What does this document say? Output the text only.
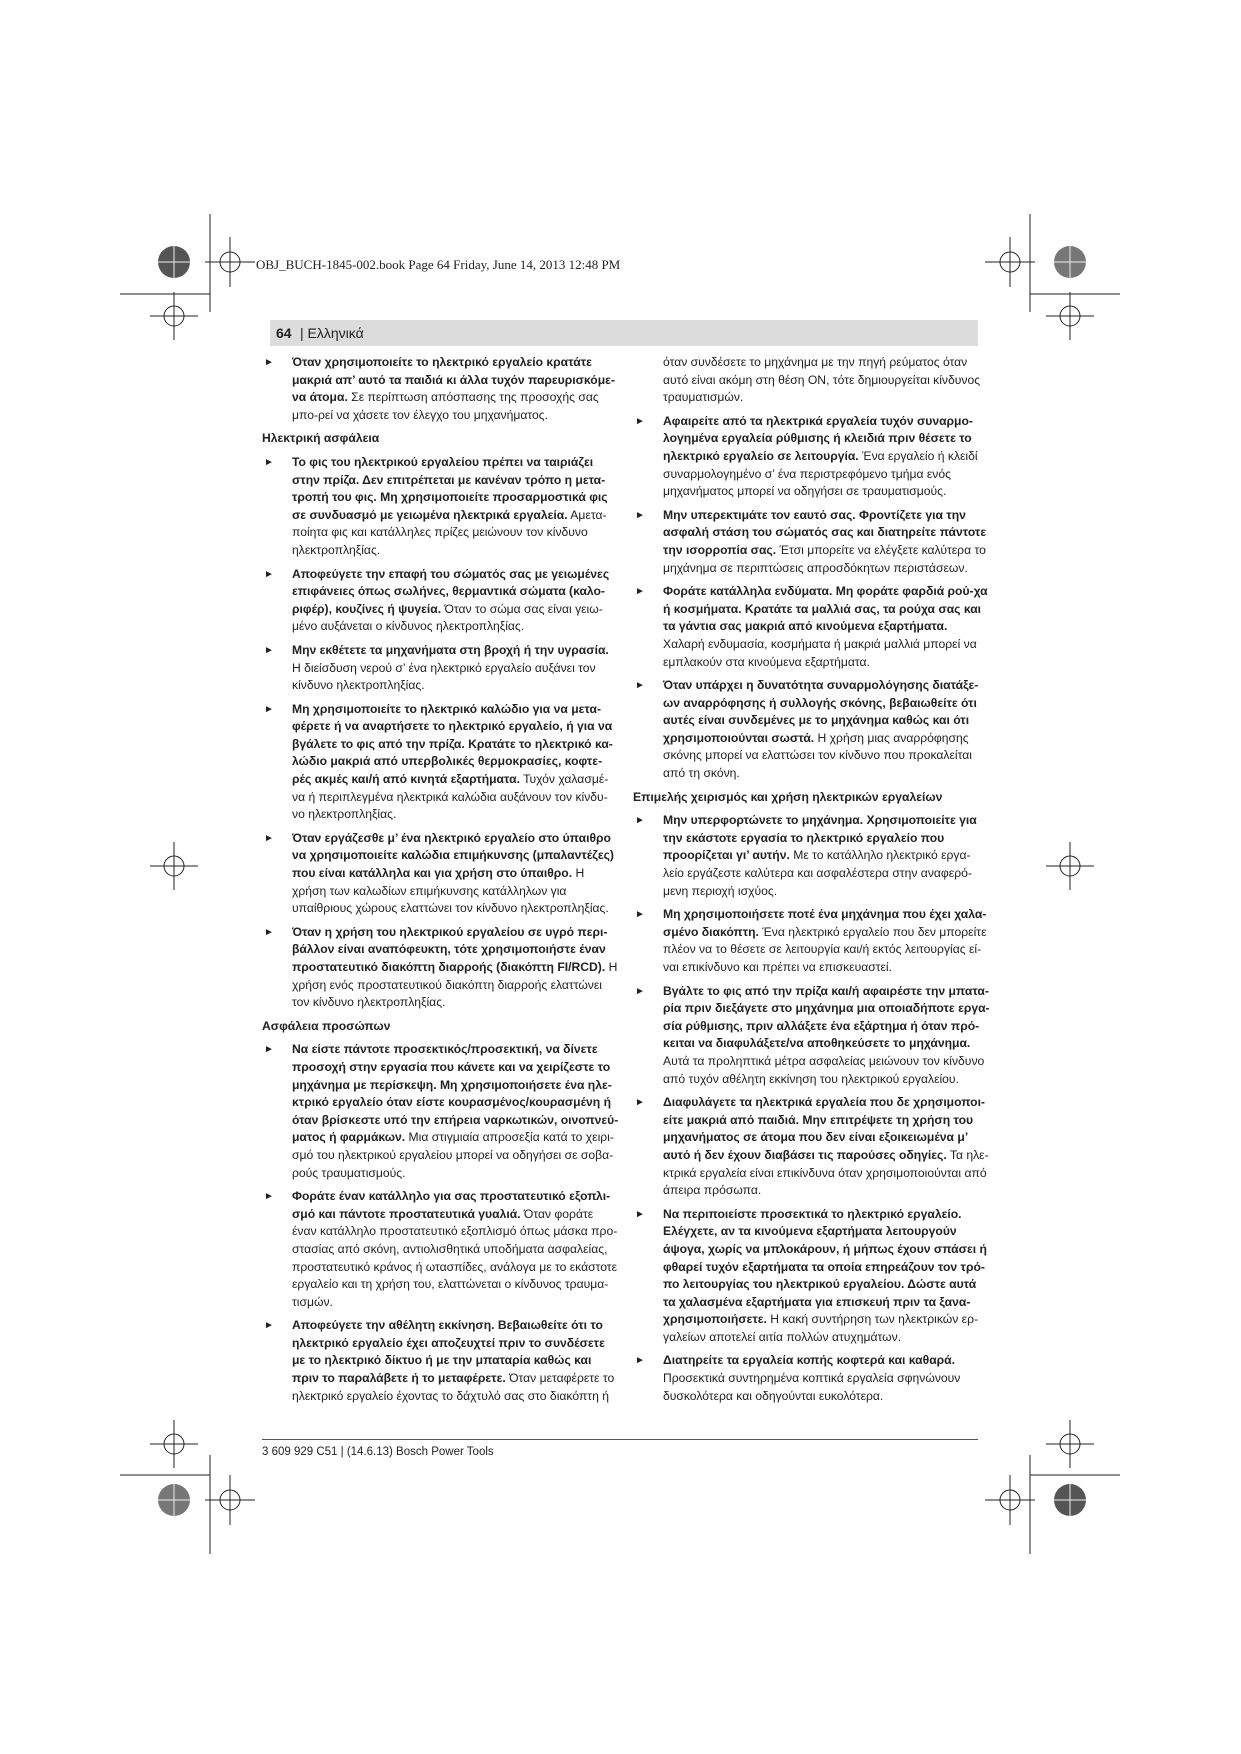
OBJ_BUCH-1845-002.book Page 64 Friday, June 14, 2013 12:48 PM
64 | Ελληνικά
► Όταν χρησιμοποιείτε το ηλεκτρικό εργαλείο κρατάτε μακριά απ’ αυτό τα παιδιά κι άλλα τυχόν παρευρισκόμε-να άτομα. Σε περίπτωση απόσπασης της προσοχής σας μπο-ρεί να χάσετε τον έλεγχο του μηχανήματος.
Ηλεκτρική ασφάλεια
► Το φις του ηλεκτρικού εργαλείου πρέπει να ταιριάζει στην πρίζα. Δεν επιτρέπεται με κανέναν τρόπο η μετα-τροπή του φις. Μη χρησιμοποιείτε προσαρμοστικά φις σε συνδυασμό με γειωμένα ηλεκτρικά εργαλεία. Αμετα-ποίητα φις και κατάλληλες πρίζες μειώνουν τον κίνδυνο ηλεκτροπληξίας.
► Αποφεύγετε την επαφή του σώματός σας με γειωμένες επιφάνειες όπως σωλήνες, θερμαντικά σώματα (καλο-ριφέρ), κουζίνες ή ψυγεία. Όταν το σώμα σας είναι γειω-μένο αυξάνεται ο κίνδυνος ηλεκτροπληξίας.
► Μην εκθέτετε τα μηχανήματα στη βροχή ή την υγρασία. Η διείσδυση νερού σ’ ένα ηλεκτρικό εργαλείο αυξάνει τον κίνδυνο ηλεκτροπληξίας.
► Μη χρησιμοποιείτε το ηλεκτρικό καλώδιο για να μετα-φέρετε ή να αναρτήσετε το ηλεκτρικό εργαλείο, ή για να βγάλετε το φις από την πρίζα. Κρατάτε το ηλεκτρικό κα-λώδιο μακριά από υπερβολικές θερμοκρασίες, κοφτε-ρές ακμές και/ή από κινητά εξαρτήματα. Τυχόν χαλασμέ-να ή περιπλεγμένα ηλεκτρικά καλώδια αυξάνουν τον κίνδυ-νο ηλεκτροπληξίας.
► Όταν εργάζεσθε μ’ ένα ηλεκτρικό εργαλείο στο ύπαιθρο να χρησιμοποιείτε καλώδια επιμήκυνσης (μπαλαντέζες) που είναι κατάλληλα και για χρήση στο ύπαιθρο. Η χρήση των καλωδίων επιμήκυνσης κατάλληλων για υπαίθριους χώρους ελαττώνει τον κίνδυνο ηλεκτροπληξίας.
► Όταν η χρήση του ηλεκτρικού εργαλείου σε υγρό περι-βάλλον είναι αναπόφευκτη, τότε χρησιμοποιήστε έναν προστατευτικό διακόπτη διαρροής (διακόπτη FI/RCD). Η χρήση ενός προστατευτικού διακόπτη διαρροής ελαττώνει τον κίνδυνο ηλεκτροπληξίας.
Ασφάλεια προσώπων
► Να είστε πάντοτε προσεκτικός/προσεκτική, να δίνετε προσοχή στην εργασία που κάνετε και να χειρίζεστε το μηχάνημα με περίσκεψη. Μη χρησιμοποιήσετε ένα ηλε-κτρικό εργαλείο όταν είστε κουρασμένος/κουρασμένη ή όταν βρίσκεστε υπό την επήρεια ναρκωτικών, οινοπνεύ-ματος ή φαρμάκων. Μια στιγμιαία απροσεξία κατά το χειρι-σμό του ηλεκτρικού εργαλείου μπορεί να οδηγήσει σε σοβα-ρούς τραυματισμούς.
► Φοράτε έναν κατάλληλο για σας προστατευτικό εξοπλι-σμό και πάντοτε προστατευτικά γυαλιά. Όταν φοράτε έναν κατάλληλο προστατευτικό εξοπλισμό όπως μάσκα προ-στασίας από σκόνη, αντιολισθητικά υποδήματα ασφαλείας, προστατευτικό κράνος ή ωτασπίδες, ανάλογα με το εκάστοτε εργαλείο και τη χρήση του, ελαττώνεται ο κίνδυνος τραυμα-τισμών.
► Αποφεύγετε την αθέλητη εκκίνηση. Βεβαιωθείτε ότι το ηλεκτρικό εργαλείο έχει αποζευχτεί πριν το συνδέσετε με το ηλεκτρικό δίκτυο ή με την μπαταρία καθώς και πριν το παραλάβετε ή το μεταφέρετε. Όταν μεταφέρετε το ηλεκτρικό εργαλείο έχοντας το δάχτυλό σας στο διακόπτη ή
όταν συνδέσετε το μηχάνημα με την πηγή ρεύματος όταν αυτό είναι ακόμη στη θέση ΟΝ, τότε δημιουργείται κίνδυνος τραυματισμών.
► Αφαιρείτε από τα ηλεκτρικά εργαλεία τυχόν συναρμο-λογημένα εργαλεία ρύθμισης ή κλειδιά πριν θέσετε το ηλεκτρικό εργαλείο σε λειτουργία. Ένα εργαλείο ή κλειδί συναρμολογημένο σ’ ένα περιστρεφόμενο τμήμα ενός μηχανήματος μπορεί να οδηγήσει σε τραυματισμούς.
► Μην υπερεκτιμάτε τον εαυτό σας. Φροντίζετε για την ασφαλή στάση του σώματός σας και διατηρείτε πάντοτε την ισορροπία σας. Έτσι μπορείτε να ελέγξετε καλύτερα το μηχάνημα σε περιπτώσεις απροσδόκητων περιστάσεων.
► Φοράτε κατάλληλα ενδύματα. Μη φοράτε φαρδιά ρού-χα ή κοσμήματα. Κρατάτε τα μαλλιά σας, τα ρούχα σας και τα γάντια σας μακριά από κινούμενα εξαρτήματα. Χαλαρή ενδυμασία, κοσμήματα ή μακριά μαλλιά μπορεί να εμπλακούν στα κινούμενα εξαρτήματα.
► Όταν υπάρχει η δυνατότητα συναρμολόγησης διατάξε-ων αναρρόφησης ή συλλογής σκόνης, βεβαιωθείτε ότι αυτές είναι συνδεμένες με το μηχάνημα καθώς και ότι χρησιμοποιούνται σωστά. Η χρήση μιας αναρρόφησης σκόνης μπορεί να ελαττώσει τον κίνδυνο που προκαλείται από τη σκόνη.
Επιμελής χειρισμός και χρήση ηλεκτρικών εργαλείων
► Μην υπερφορτώνετε το μηχάνημα. Χρησιμοποιείτε για την εκάστοτε εργασία το ηλεκτρικό εργαλείο που προορίζεται γι’ αυτήν. Με το κατάλληλο ηλεκτρικό εργα-λείο εργάζεστε καλύτερα και ασφαλέστερα στην αναφερό-μενη περιοχή ισχύος.
► Μη χρησιμοποιήσετε ποτέ ένα μηχάνημα που έχει χαλα-σμένο διακόπτη. Ένα ηλεκτρικό εργαλείο που δεν μπορείτε πλέον να το θέσετε σε λειτουργία και/ή εκτός λειτουργίας εί-ναι επικίνδυνο και πρέπει να επισκευαστεί.
► Βγάλτε το φις από την πρίζα και/ή αφαιρέστε την μπατα-ρία πριν διεξάγετε στο μηχάνημα μια οποιαδήποτε εργα-σία ρύθμισης, πριν αλλάξετε ένα εξάρτημα ή όταν πρό-κειται να διαφυλάξετε/να αποθηκεύσετε το μηχάνημα. Αυτά τα προληπτικά μέτρα ασφαλείας μειώνουν τον κίνδυνο από τυχόν αθέλητη εκκίνηση του ηλεκτρικού εργαλείου.
► Διαφυλάγετε τα ηλεκτρικά εργαλεία που δε χρησιμοποι-είτε μακριά από παιδιά. Μην επιτρέψετε τη χρήση του μηχανήματος σε άτομα που δεν είναι εξοικειωμένα μ’ αυτό ή δεν έχουν διαβάσει τις παρούσες οδηγίες. Τα ηλε-κτρικά εργαλεία είναι επικίνδυνα όταν χρησιμοποιούνται από άπειρα πρόσωπα.
► Να περιποιείστε προσεκτικά το ηλεκτρικό εργαλείο. Ελέγχετε, αν τα κινούμενα εξαρτήματα λειτουργούν άψογα, χωρίς να μπλοκάρουν, ή μήπως έχουν σπάσει ή φθαρεί τυχόν εξαρτήματα τα οποία επηρεάζουν τον τρό-πο λειτουργίας του ηλεκτρικού εργαλείου. Δώστε αυτά τα χαλασμένα εξαρτήματα για επισκευή πριν τα ξανα-χρησιμοποιήσετε. Η κακή συντήρηση των ηλεκτρικών ερ-γαλείων αποτελεί αιτία πολλών ατυχημάτων.
► Διατηρείτε τα εργαλεία κοπής κοφτερά και καθαρά. Προσεκτικά συντηρημένα κοπτικά εργαλεία σφηνώνουν δυσκολότερα και οδηγούνται ευκολότερα.
3 609 929 C51 | (14.6.13) Bosch Power Tools
